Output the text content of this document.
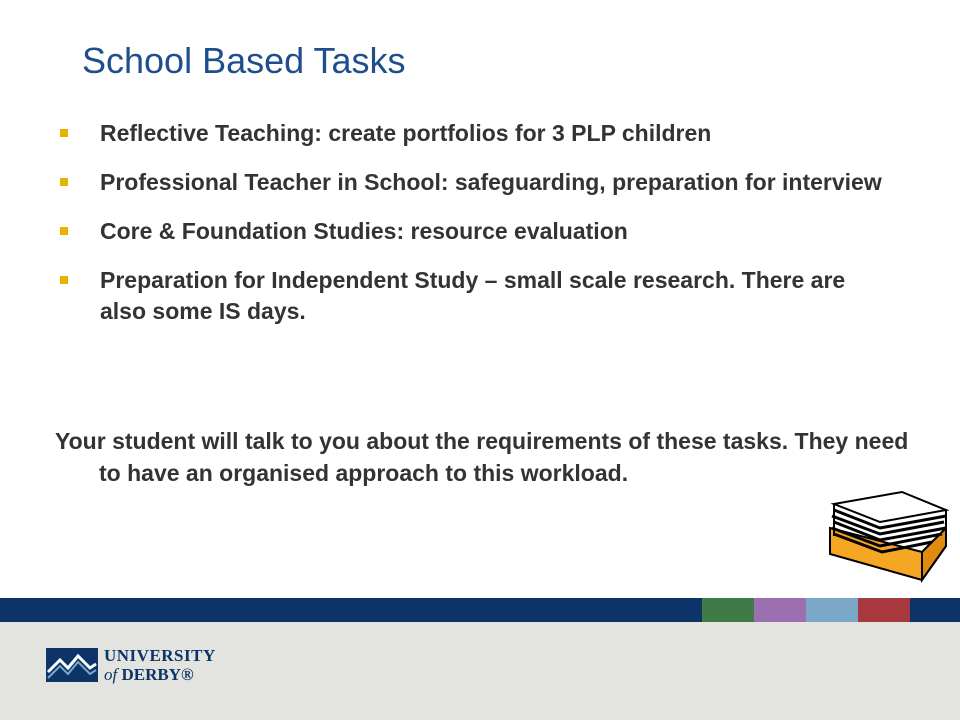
School Based Tasks
Reflective Teaching: create portfolios for 3 PLP children
Professional Teacher in School: safeguarding, preparation for interview
Core & Foundation Studies: resource evaluation
Preparation for Independent Study – small scale research. There are also some IS days.
Your student will talk to you about the requirements of these tasks. They need to have an organised approach to this workload.
UNIVERSITY
of DERBY®
